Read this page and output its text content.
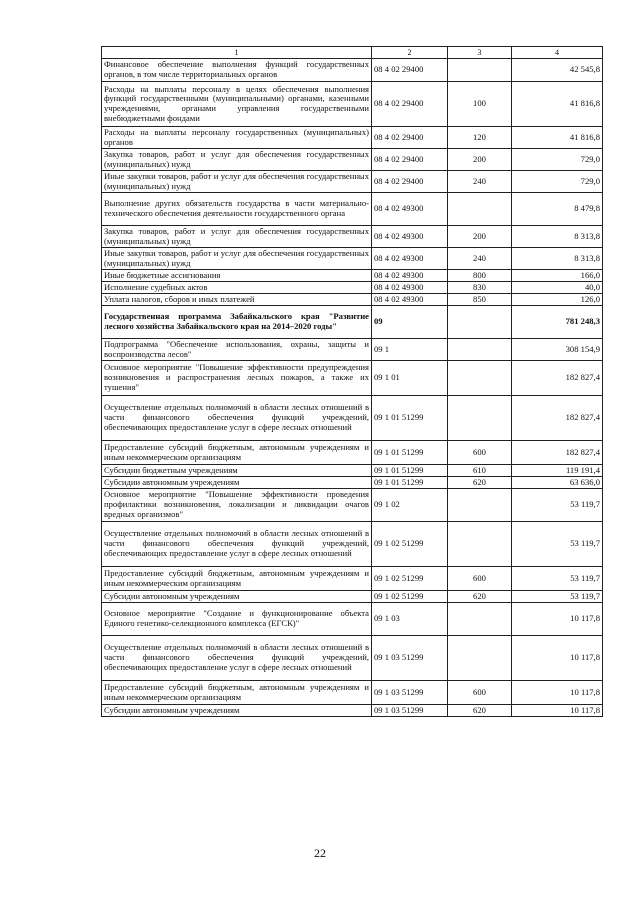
1	2	3	4
Финансовое обеспечение выполнения функций государственных органов, в том числе территориальных органов	08 4 02 29400		42 545,8
Расходы на выплаты персоналу в целях обеспечения выполнения функций государственными (муниципальными) органами, казенными учреждениями, органами управления государственными внебюджетными фондами	08 4 02 29400	100	41 816,8
Расходы на выплаты персоналу государственных (муниципальных) органов	08 4 02 29400	120	41 816,8
Закупка товаров, работ и услуг для обеспечения государственных (муниципальных) нужд	08 4 02 29400	200	729,0
Иные закупки товаров, работ и услуг для обеспечения государственных (муниципальных) нужд	08 4 02 29400	240	729,0
Выполнение других обязательств государства в части материально-технического обеспечения деятельности государственного органа	08 4 02 49300		8 479,8
Закупка товаров, работ и услуг для обеспечения государственных (муниципальных) нужд	08 4 02 49300	200	8 313,8
Иные закупки товаров, работ и услуг для обеспечения государственных (муниципальных) нужд	08 4 02 49300	240	8 313,8
Иные бюджетные ассигнования	08 4 02 49300	800	166,0
Исполнение судебных актов	08 4 02 49300	830	40,0
Уплата налогов, сборов и иных платежей	08 4 02 49300	850	126,0
Государственная программа Забайкальского края "Развитие лесного хозяйства Забайкальского края на 2014–2020 годы"	09		781 248,3
Подпрограмма "Обеспечение использования, охраны, защиты и воспроизводства лесов"	09 1		308 154,9
Основное мероприятие "Повышение эффективности предупреждения возникновения и распространения лесных пожаров, а также их тушения"	09 1 01		182 827,4
Осуществление отдельных полномочий в области лесных отношений в части финансового обеспечения функций учреждений, обеспечивающих предоставление услуг в сфере лесных отношений	09 1 01 51299		182 827,4
Предоставление субсидий бюджетным, автономным учреждениям и иным некоммерческим организациям	09 1 01 51299	600	182 827,4
Субсидии бюджетным учреждениям	09 1 01 51299	610	119 191,4
Субсидии автономным учреждениям	09 1 01 51299	620	63 636,0
Основное мероприятие "Повышение эффективности проведения профилактики возникновения, локализации и ликвидации очагов вредных организмов"	09 1 02		53 119,7
Осуществление отдельных полномочий в области лесных отношений в части финансового обеспечения функций учреждений, обеспечивающих предоставление услуг в сфере лесных отношений	09 1 02 51299		53 119,7
Предоставление субсидий бюджетным, автономным учреждениям и иным некоммерческим организациям	09 1 02 51299	600	53 119,7
Субсидии автономным учреждениям	09 1 02 51299	620	53 119,7
Основное мероприятие "Создание и функционирование объекта Единого генетико-селекционного комплекса (ЕГСК)"	09 1 03		10 117,8
Осуществление отдельных полномочий в области лесных отношений в части финансового обеспечения функций учреждений, обеспечивающих предоставление услуг в сфере лесных отношений	09 1 03 51299		10 117,8
Предоставление субсидий бюджетным, автономным учреждениям и иным некоммерческим организациям	09 1 03 51299	600	10 117,8
Субсидии автономным учреждениям	09 1 03 51299	620	10 117,8
22
